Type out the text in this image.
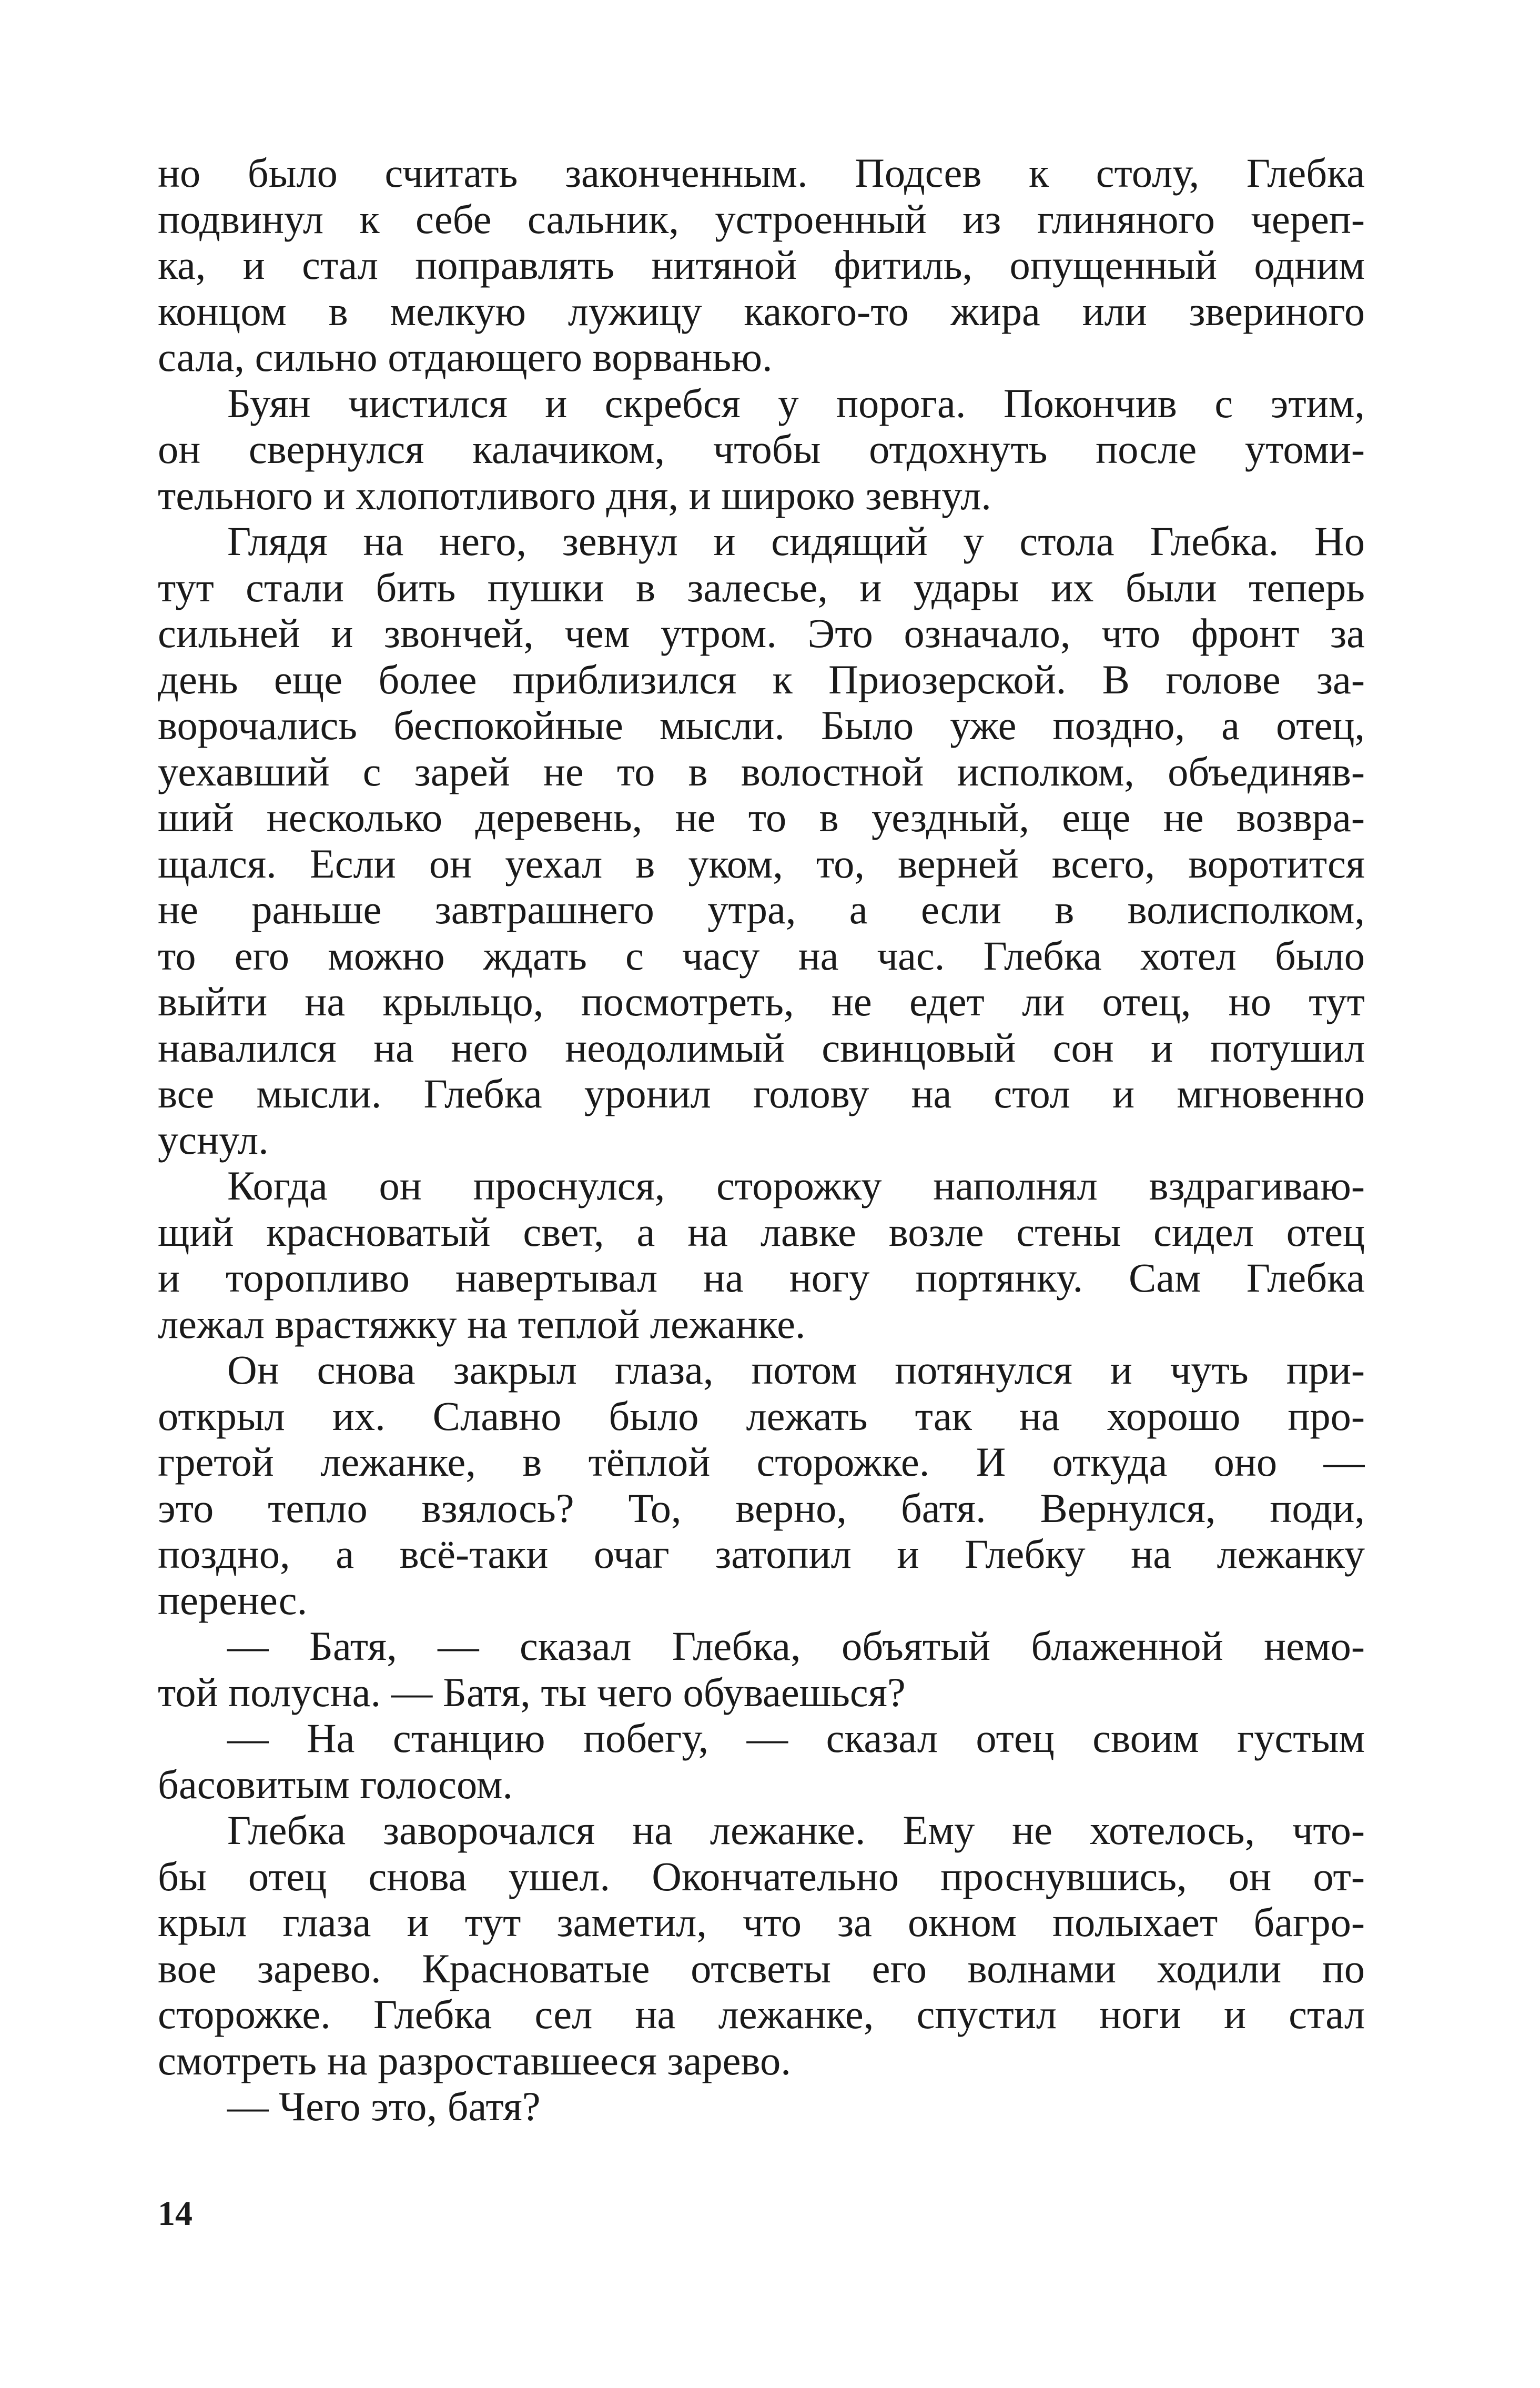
но было считать законченным. Подсев к столу, Глебка
подвинул к себе сальник, устроенный из глиняного череп-
ка, и стал поправлять нитяной фитиль, опущенный одним
концом в мелкую лужицу какого-то жира или звериного
сала, сильно отдающего ворванью.
Буян чистился и скребся у порога. Покончив с этим,
он свернулся калачиком, чтобы отдохнуть после утоми-
тельного и хлопотливого дня, и широко зевнул.
Глядя на него, зевнул и сидящий у стола Глебка. Но
тут стали бить пушки в залесье, и удары их были теперь
сильней и звончей, чем утром. Это означало, что фронт за
день еще более приблизился к Приозерской. В голове за-
ворочались беспокойные мысли. Было уже поздно, а отец,
уехавший с зарей не то в волостной исполком, объединяв-
ший несколько деревень, не то в уездный, еще не возвра-
щался. Если он уехал в уком, то, верней всего, воротится
не раньше завтрашнего утра, а если в волисполком,
то его можно ждать с часу на час. Глебка хотел было
выйти на крыльцо, посмотреть, не едет ли отец, но тут
навалился на него неодолимый свинцовый сон и потушил
все мысли. Глебка уронил голову на стол и мгновенно
уснул.
Когда он проснулся, сторожку наполнял вздрагиваю-
щий красноватый свет, а на лавке возле стены сидел отец
и торопливо навертывал на ногу портянку. Сам Глебка
лежал врастяжку на теплой лежанке.
Он снова закрыл глаза, потом потянулся и чуть при-
открыл их. Славно было лежать так на хорошо про-
гретой лежанке, в тёплой сторожке. И откуда оно —
это тепло взялось? То, верно, батя. Вернулся, поди,
поздно, а всё-таки очаг затопил и Глебку на лежанку
перенес.
— Батя, — сказал Глебка, объятый блаженной немо-
той полусна. — Батя, ты чего обуваешься?
— На станцию побегу, — сказал отец своим густым
басовитым голосом.
Глебка заворочался на лежанке. Ему не хотелось, что-
бы отец снова ушел. Окончательно проснувшись, он от-
крыл глаза и тут заметил, что за окном полыхает багро-
вое зарево. Красноватые отсветы его волнами ходили по
сторожке. Глебка сел на лежанке, спустил ноги и стал
смотреть на разроставшееся зарево.
— Чего это, батя?
14
